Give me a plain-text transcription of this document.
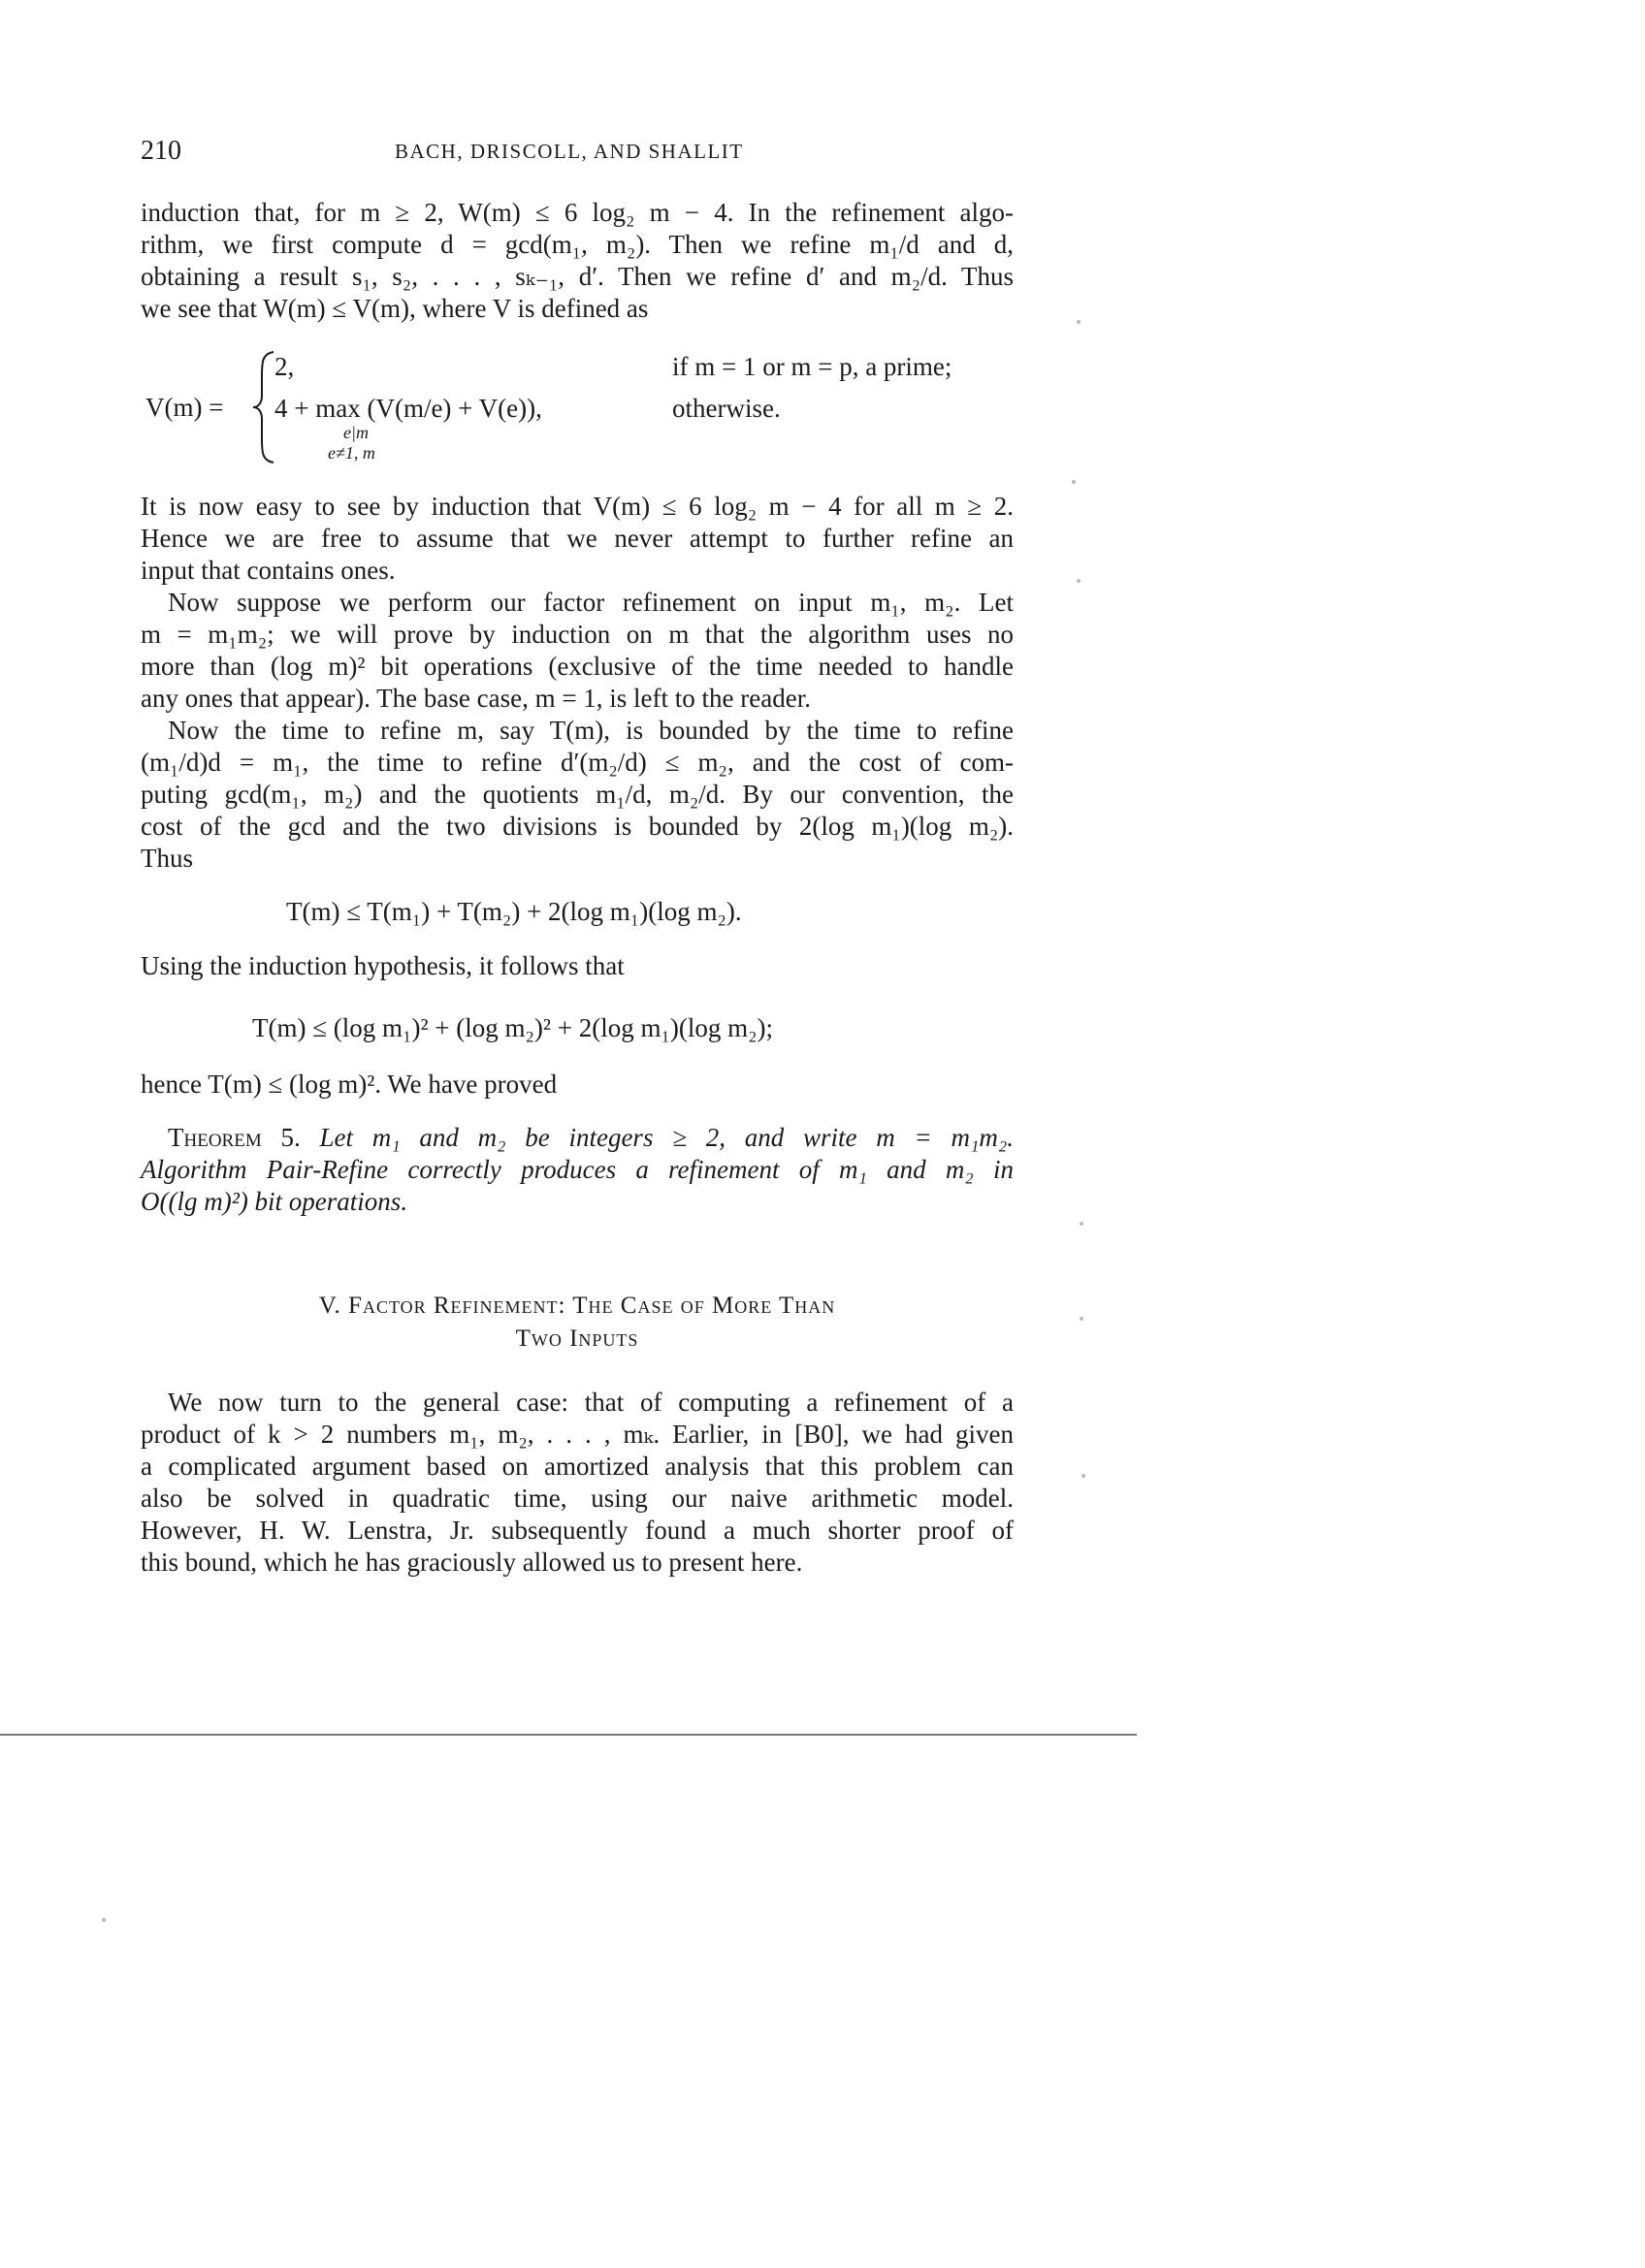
210	BACH, DRISCOLL, AND SHALLIT

induction that, for m ≥ 2, W(m) ≤ 6 log₂ m − 4. In the refinement algo-

rithm, we first compute d = gcd(m₁, m₂). Then we refine m₁/d and d,

obtaining a result s₁, s₂, . . . , sₖ₋₁, d′. Then we refine d′ and m₂/d. Thus

we see that W(m) ≤ V(m), where V is defined as

V(m) =
2,	if m = 1 or m = p, a prime;
4 + max (V(m/e) + V(e)),
e|m
e≠1, m
otherwise.

It is now easy to see by induction that V(m) ≤ 6 log₂ m − 4 for all m ≥ 2.

Hence we are free to assume that we never attempt to further refine an

input that contains ones.

Now suppose we perform our factor refinement on input m₁, m₂. Let

m = m₁m₂; we will prove by induction on m that the algorithm uses no

more than (log m)² bit operations (exclusive of the time needed to handle

any ones that appear). The base case, m = 1, is left to the reader.

Now the time to refine m, say T(m), is bounded by the time to refine

(m₁/d)d = m₁, the time to refine d′(m₂/d) ≤ m₂, and the cost of com-

puting gcd(m₁, m₂) and the quotients m₁/d, m₂/d. By our convention, the

cost of the gcd and the two divisions is bounded by 2(log m₁)(log m₂).

Thus

T(m) ≤ T(m₁) + T(m₂) + 2(log m₁)(log m₂).

Using the induction hypothesis, it follows that

T(m) ≤ (log m₁)² + (log m₂)² + 2(log m₁)(log m₂);

hence T(m) ≤ (log m)². We have proved

Theorem 5. Let m₁ and m₂ be integers ≥ 2, and write m = m₁m₂.

Algorithm Pair-Refine correctly produces a refinement of m₁ and m₂ in

O((lg m)²) bit operations.

V. Factor Refinement: The Case of More Than
Two Inputs

We now turn to the general case: that of computing a refinement of a

product of k > 2 numbers m₁, m₂, . . . , mₖ. Earlier, in [B0], we had given

a complicated argument based on amortized analysis that this problem can

also be solved in quadratic time, using our naive arithmetic model.

However, H. W. Lenstra, Jr. subsequently found a much shorter proof of

this bound, which he has graciously allowed us to present here.
